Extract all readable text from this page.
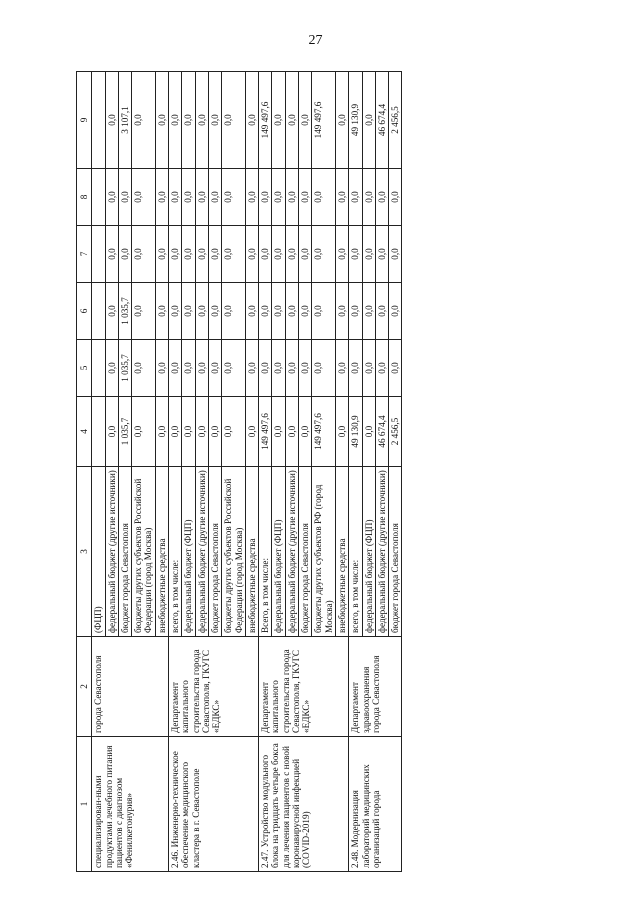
27
1	2	3	4	5	6	7	8	9
специализирован-ными продуктами лечебного питания пациентов с диагнозом «Фенилкетонурия»	города Севастополя	(ФЦП)						
		федеральный бюджет (другие источники)	0,0	0,0	0,0	0,0	0,0	0,0
		бюджет города Севастополя	1 035,7	1 035,7	1 035,7	0,0	0,0	3 107,1
		бюджеты других субъектов Российской Федерации (город Москва)	0,0	0,0	0,0	0,0	0,0	0,0
		внебюджетные средства	0,0	0,0	0,0	0,0	0,0	0,0
2.46. Инженерно-техническое обеспечение медицинского кластера в г. Севастополе	Департамент капитального строительства города Севастополя, ГКУГС «ЕДКС»	всего, в том числе:	0,0	0,0	0,0	0,0	0,0	0,0
		федеральный бюджет (ФЦП)	0,0	0,0	0,0	0,0	0,0	0,0
		федеральный бюджет (другие источники)	0,0	0,0	0,0	0,0	0,0	0,0
		бюджет города Севастополя	0,0	0,0	0,0	0,0	0,0	0,0
		бюджеты других субъектов Российской Федерации (город Москва)	0,0	0,0	0,0	0,0	0,0	0,0
		внебюджетные средства	0,0	0,0	0,0	0,0	0,0	0,0
2.47. Устройство модульного блока на тридцать четыре бокса для лечения пациентов с новой коронавирусной инфекцией (COVID-2019)	Департамент капитального строительства города Севастополя, ГКУГС «ЕДКС»	Всего, в том числе:	149 497,6	0,0	0,0	0,0	0,0	149 497,6
		федеральный бюджет (ФЦП)	0,0	0,0	0,0	0,0	0,0	0,0
		федеральный бюджет (другие источники)	0,0	0,0	0,0	0,0	0,0	0,0
		бюджет города Севастополя	0,0	0,0	0,0	0,0	0,0	0,0
		бюджеты других субъектов РФ (город Москва)	149 497,6	0,0	0,0	0,0	0,0	149 497,6
		внебюджетные средства	0,0	0,0	0,0	0,0	0,0	0,0
2.48. Модернизация лабораторий медицинских организаций города	Департамент здравоохранения города Севастополя	всего, в том числе:	49 130,9	0,0	0,0	0,0	0,0	49 130,9
		федеральный бюджет (ФЦП)	0,0	0,0	0,0	0,0	0,0	0,0
		федеральный бюджет (другие источники)	46 674,4	0,0	0,0	0,0	0,0	46 674,4
		бюджет города Севастополя	2 456,5	0,0	0,0	0,0	0,0	2 456,5
